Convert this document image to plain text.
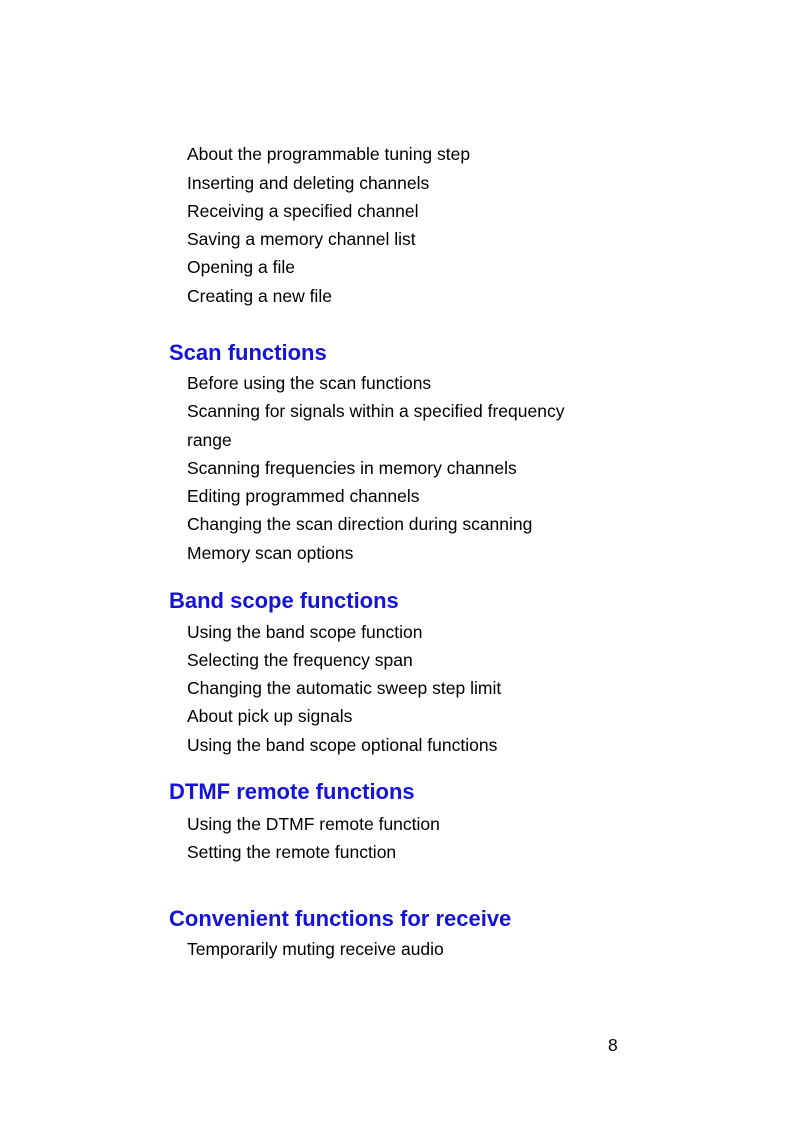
About the programmable tuning step
Inserting and deleting channels
Receiving a specified channel
Saving a memory channel list
Opening a file
Creating a new file
Scan functions
Before using the scan functions
Scanning for signals within a specified frequency
range
Scanning frequencies in memory channels
Editing programmed channels
Changing the scan direction during scanning
Memory scan options
Band scope functions
Using the band scope function
Selecting the frequency span
Changing the automatic sweep step limit
About pick up signals
Using the band scope optional functions
DTMF remote functions
Using the DTMF remote function
Setting the remote function
Convenient functions for receive
Temporarily muting receive audio
8
